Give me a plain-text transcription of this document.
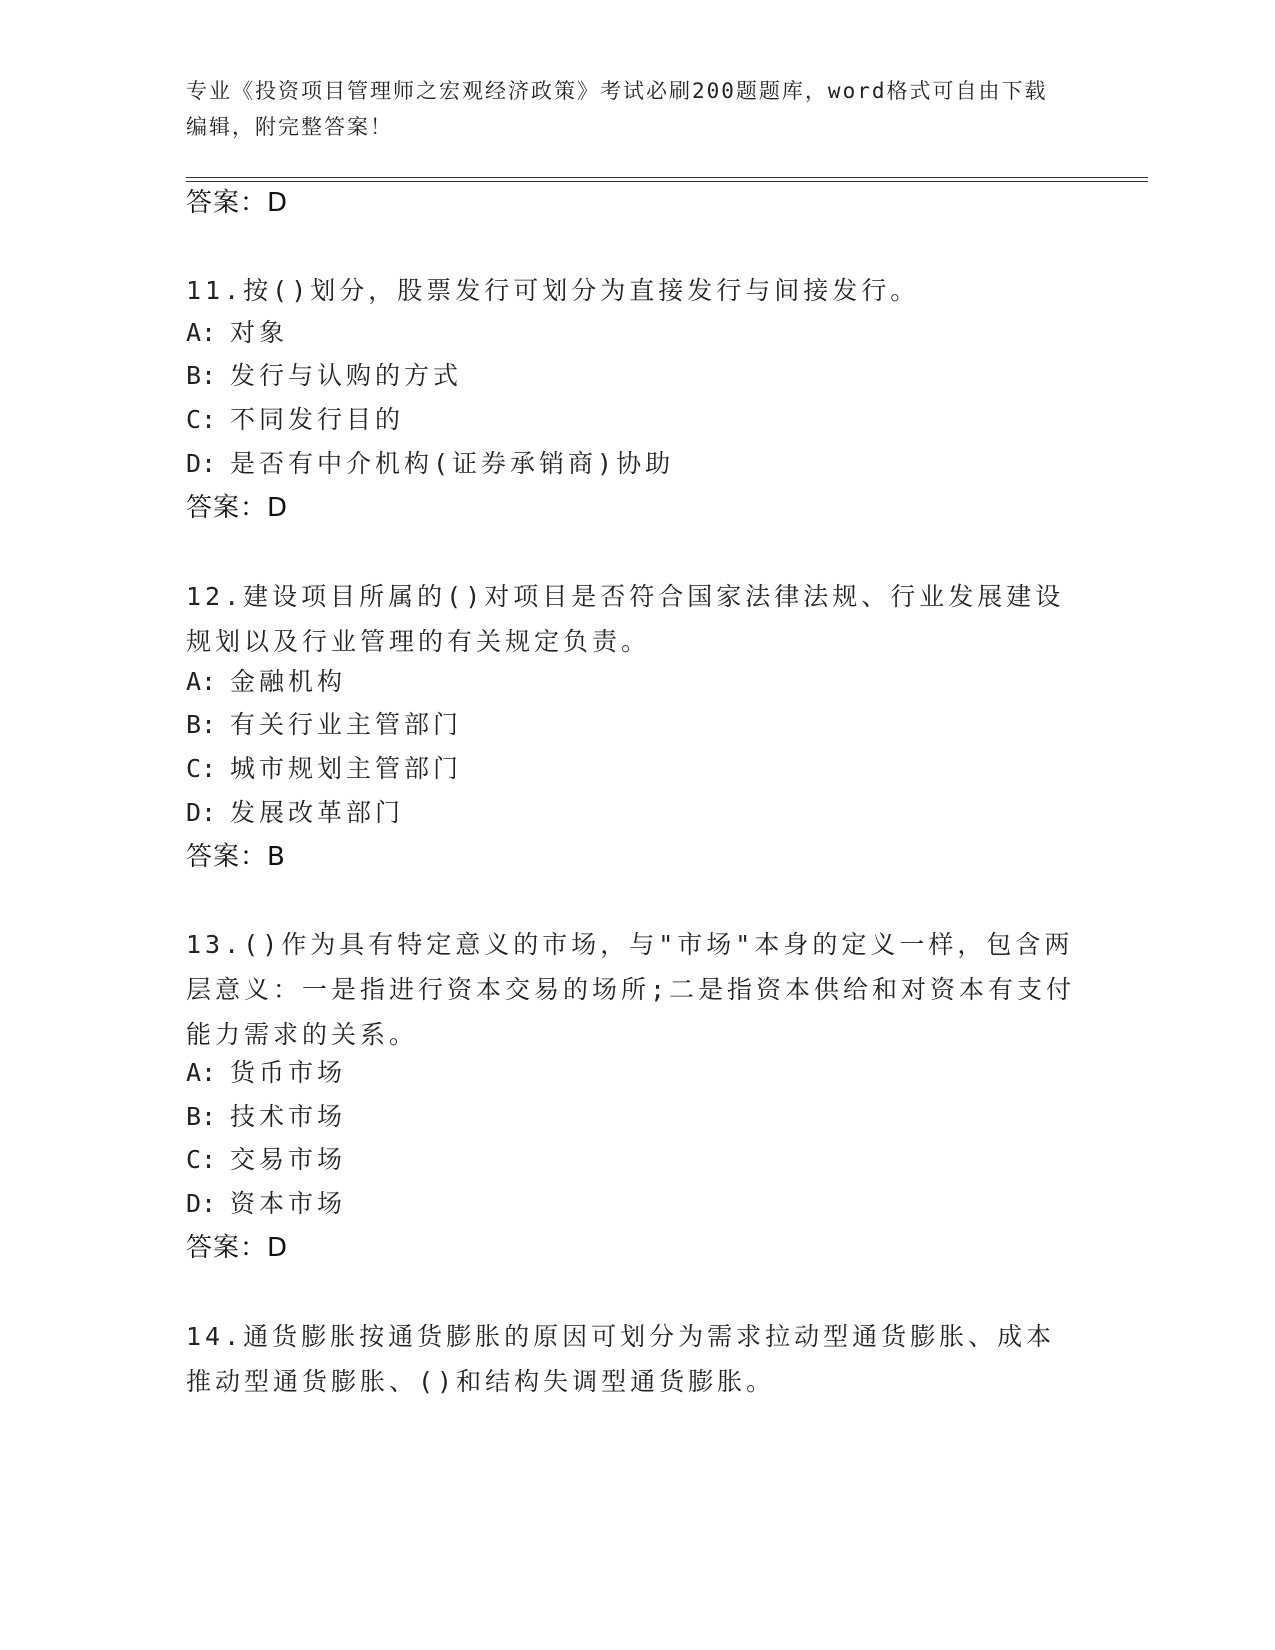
专业《投资项目管理师之宏观经济政策》考试必刷200题题库，word格式可自由下载编辑，附完整答案！
答案：D
11.按()划分，股票发行可划分为直接发行与间接发行。
A: 对象
B: 发行与认购的方式
C: 不同发行目的
D: 是否有中介机构(证券承销商)协助
答案：D
12.建设项目所属的()对项目是否符合国家法律法规、行业发展建设规划以及行业管理的有关规定负责。
A: 金融机构
B: 有关行业主管部门
C: 城市规划主管部门
D: 发展改革部门
答案：B
13.()作为具有特定意义的市场，与"市场"本身的定义一样，包含两层意义：一是指进行资本交易的场所;二是指资本供给和对资本有支付能力需求的关系。
A: 货币市场
B: 技术市场
C: 交易市场
D: 资本市场
答案：D
14.通货膨胀按通货膨胀的原因可划分为需求拉动型通货膨胀、成本推动型通货膨胀、()和结构失调型通货膨胀。
